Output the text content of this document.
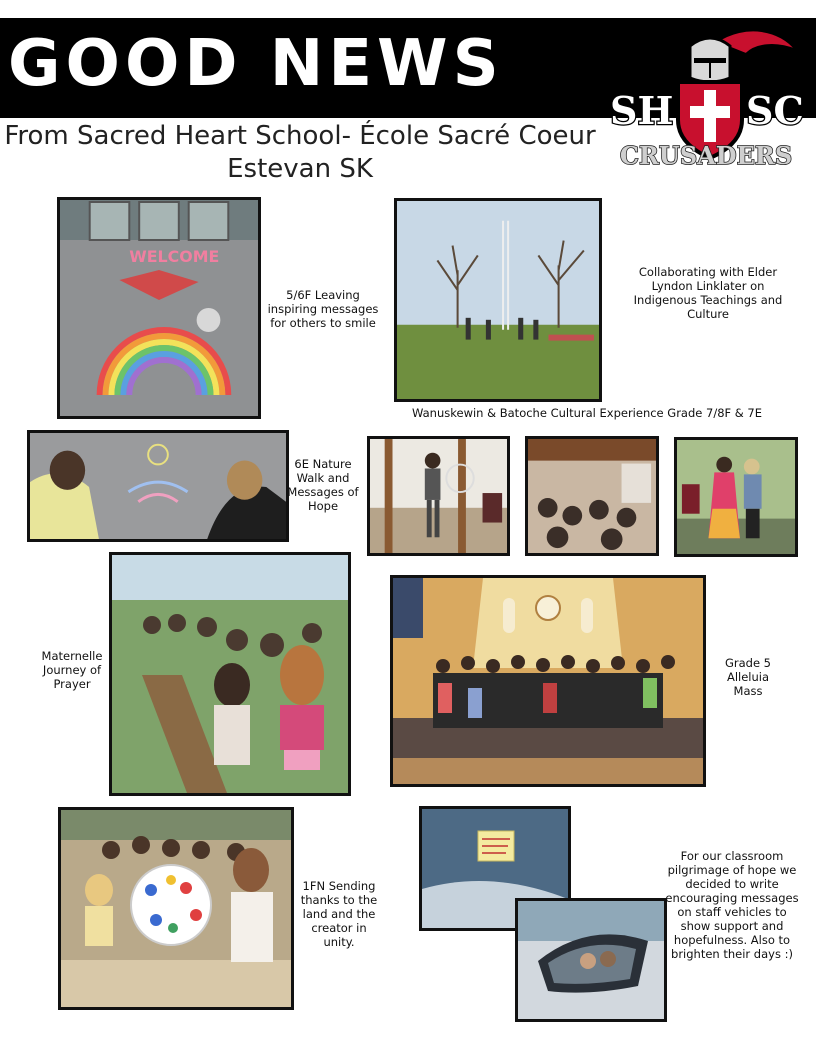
GOOD NEWS
From Sacred Heart School- École Sacré Coeur
Estevan SK
SH SC
CRUSADERS
WELCOME
5/6F Leaving inspiring messages for others to smile
Collaborating with Elder Lyndon Linklater on Indigenous Teachings and Culture
Wanuskewin & Batoche Cultural Experience Grade 7/8F & 7E
6E Nature Walk and Messages of Hope
Maternelle Journey of Prayer
Grade 5 Alleluia Mass
1FN Sending thanks to the land and the creator in unity.
For our classroom pilgrimage of hope we decided to write encouraging messages on staff vehicles to show support and hopefulness. Also to brighten their days :)
